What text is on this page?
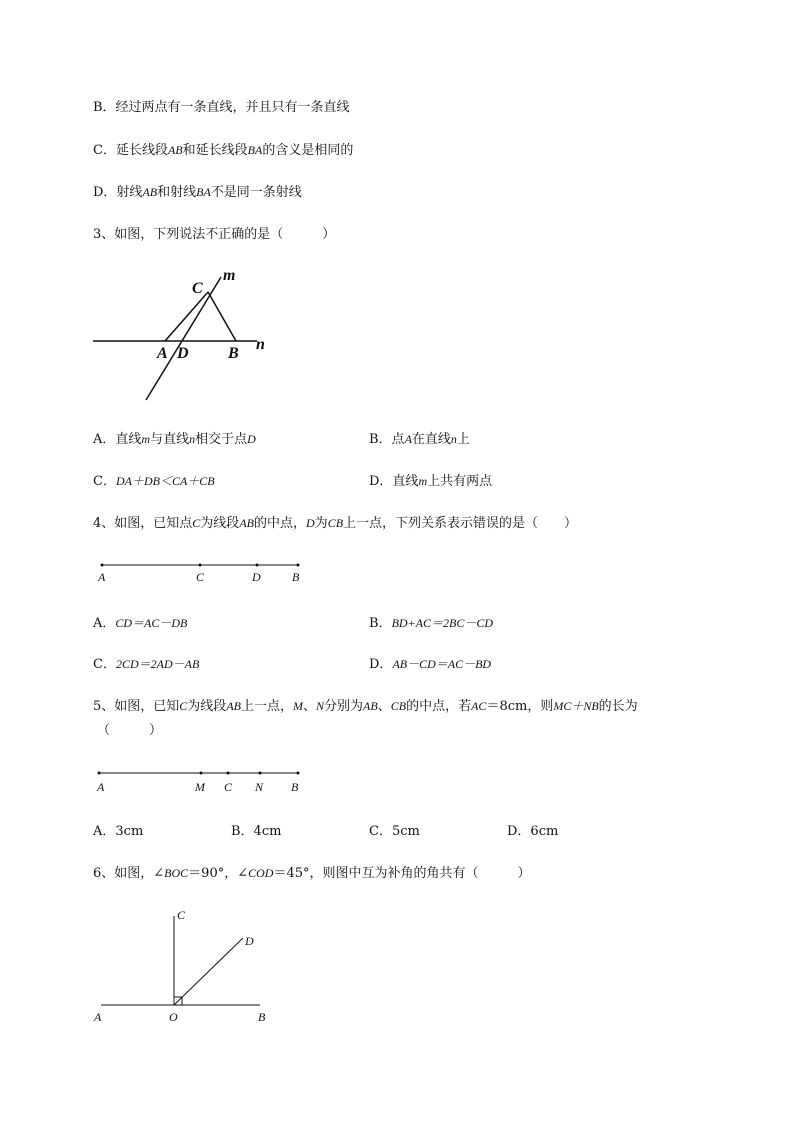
B．经过两点有一条直线，并且只有一条直线
C．延长线段AB和延长线段BA的含义是相同的
D．射线AB和射线BA不是同一条射线
3、如图，下列说法不正确的是（　　　）
C
m
A D B
n
A．直线m与直线n相交于点D	B．点A在直线n上
C．DA＋DB＜CA＋CB	D．直线m上共有两点
4、如图，已知点C为线段AB的中点，D为CB上一点，下列关系表示错误的是（　　）
A	C	D	B
A．CD＝AC－DB	B．BD+AC＝2BC－CD
C．2CD＝2AD－AB	D．AB－CD＝AC－BD
5、如图，已知C为线段AB上一点，M、N分别为AB、CB的中点，若AC＝8cm，则MC＋NB的长为
（　　　）
A	M C N B
A．3cm	B．4cm	C．5cm	D．6cm
6、如图，∠BOC＝90°，∠COD＝45°，则图中互为补角的角共有（　　　）
C
D
A	O	B
